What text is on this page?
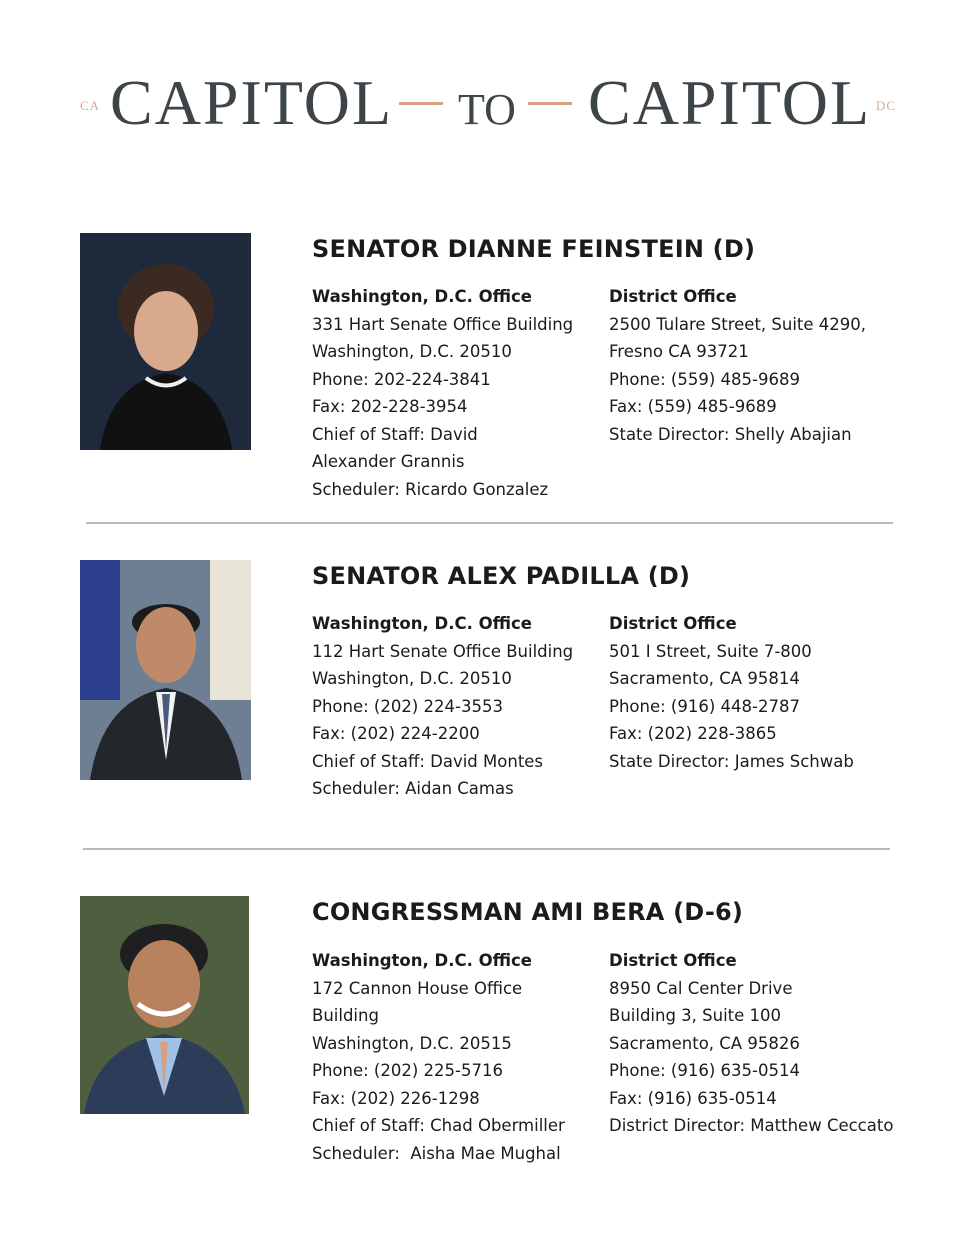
CA CAPITOL TO CAPITOL DC
SENATOR DIANNE FEINSTEIN (D)
Washington, D.C. Office
331 Hart Senate Office Building
Washington, D.C. 20510
Phone: 202-224-3841
Fax: 202-228-3954
Chief of Staff: David Alexander Grannis
Scheduler: Ricardo Gonzalez
District Office
2500 Tulare Street, Suite 4290,
Fresno CA 93721
Phone: (559) 485-9689
Fax: (559) 485-9689
State Director: Shelly Abajian
SENATOR ALEX PADILLA (D)
Washington, D.C. Office
112 Hart Senate Office Building
Washington, D.C. 20510
Phone: (202) 224-3553
Fax: (202) 224-2200
Chief of Staff: David Montes
Scheduler: Aidan Camas
District Office
501 I Street, Suite 7-800
Sacramento, CA 95814
Phone: (916) 448-2787
Fax: (202) 228-3865
State Director: James Schwab
CONGRESSMAN AMI BERA (D-6)
Washington, D.C. Office
172 Cannon House Office Building
Washington, D.C. 20515
Phone: (202) 225-5716
Fax: (202) 226-1298
Chief of Staff: Chad Obermiller
Scheduler:  Aisha Mae Mughal
District Office
8950 Cal Center Drive
Building 3, Suite 100
Sacramento, CA 95826
Phone: (916) 635-0514
Fax: (916) 635-0514
District Director: Matthew Ceccato
